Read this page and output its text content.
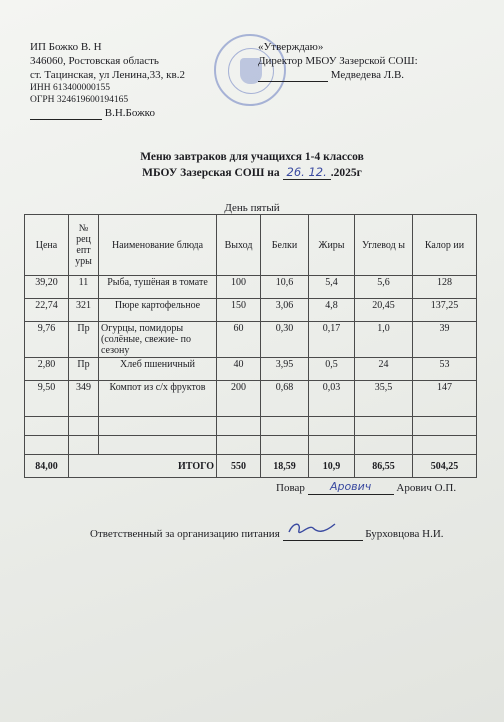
ИП Божко В. Н
346060, Ростовская область
ст. Тацинская, ул Ленина,33, кв.2
ИНН 613400000155
ОГРН 324619600194165
В.Н.Божко
«Утверждаю»
Директор МБОУ Зазерской СОШ:
Медведева Л.В.
Меню завтраков для учащихся 1-4 классов
МБОУ Зазерская СОШ на 26. 12. .2025г
День пятый
Цена	№ рец епт уры	Наименование блюда	Выход	Белки	Жиры	Углевод ы	Калор ии
39,20	11	Рыба, тушёная в томате	100	10,6	5,4	5,6	128
22,74	321	Пюре картофельное	150	3,06	4,8	20,45	137,25
9,76	Пр	Огурцы, помидоры (солёные, свежие- по сезону	60	0,30	0,17	1,0	39
2,80	Пр	Хлеб пшеничный	40	3,95	0,5	24	53
9,50	349	Компот из с/х фруктов	200	0,68	0,03	35,5	147

84,00	ИТОГО		550	18,59	10,9	86,55	504,25
Повар Арович Арович О.П.
Ответственный за организацию питания	Бурховцова Н.И.
